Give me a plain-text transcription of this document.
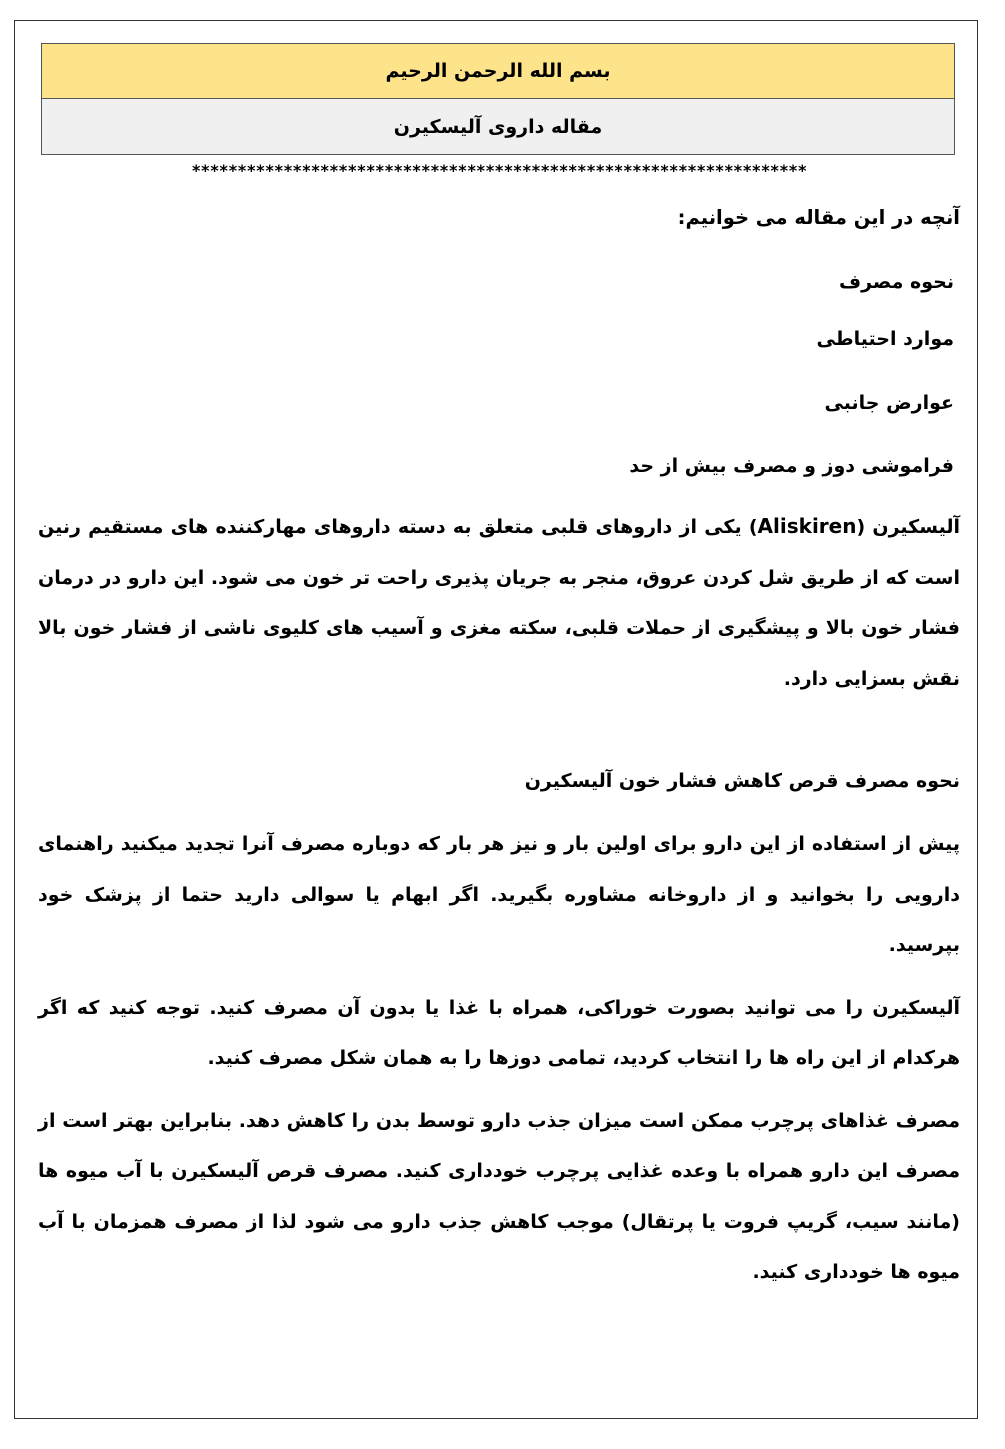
بسم الله الرحمن الرحیم
مقاله داروی آلیسکیرن
*******************************************************************

آنچه در این مقاله می خوانیم:

نحوه مصرف
موارد احتیاطی
عوارض جانبی
فراموشی دوز و مصرف بیش از حد

آلیسکیرن (Aliskiren) یکی از داروهای قلبی متعلق به دسته داروهای مهارکننده های مستقیم رنین است که از طریق شل کردن عروق، منجر به جریان پذیری راحت تر خون می شود. این دارو در درمان فشار خون بالا و پیشگیری از حملات قلبی، سکته مغزی و آسیب های کلیوی ناشی از فشار خون بالا نقش بسزایی دارد.

نحوه مصرف قرص کاهش فشار خون آلیسکیرن

پیش از استفاده از این دارو برای اولین بار و نیز هر بار که دوباره مصرف آنرا تجدید میکنید راهنمای دارویی را بخوانید و از داروخانه مشاوره بگیرید. اگر ابهام یا سوالی دارید حتما از پزشک خود بپرسید.

آلیسکیرن را می توانید بصورت خوراکی، همراه با غذا یا بدون آن مصرف کنید. توجه کنید که اگر هرکدام از این راه ها را انتخاب کردید، تمامی دوزها را به همان شکل مصرف کنید.

مصرف غذاهای پرچرب ممکن است میزان جذب دارو توسط بدن را کاهش دهد. بنابراین بهتر است از مصرف این دارو همراه با وعده غذایی پرچرب خودداری کنید. مصرف قرص آلیسکیرن با آب میوه ها (مانند سیب، گریپ فروت یا پرتقال) موجب کاهش جذب دارو می شود لذا از مصرف همزمان با آب میوه ها خودداری کنید.
